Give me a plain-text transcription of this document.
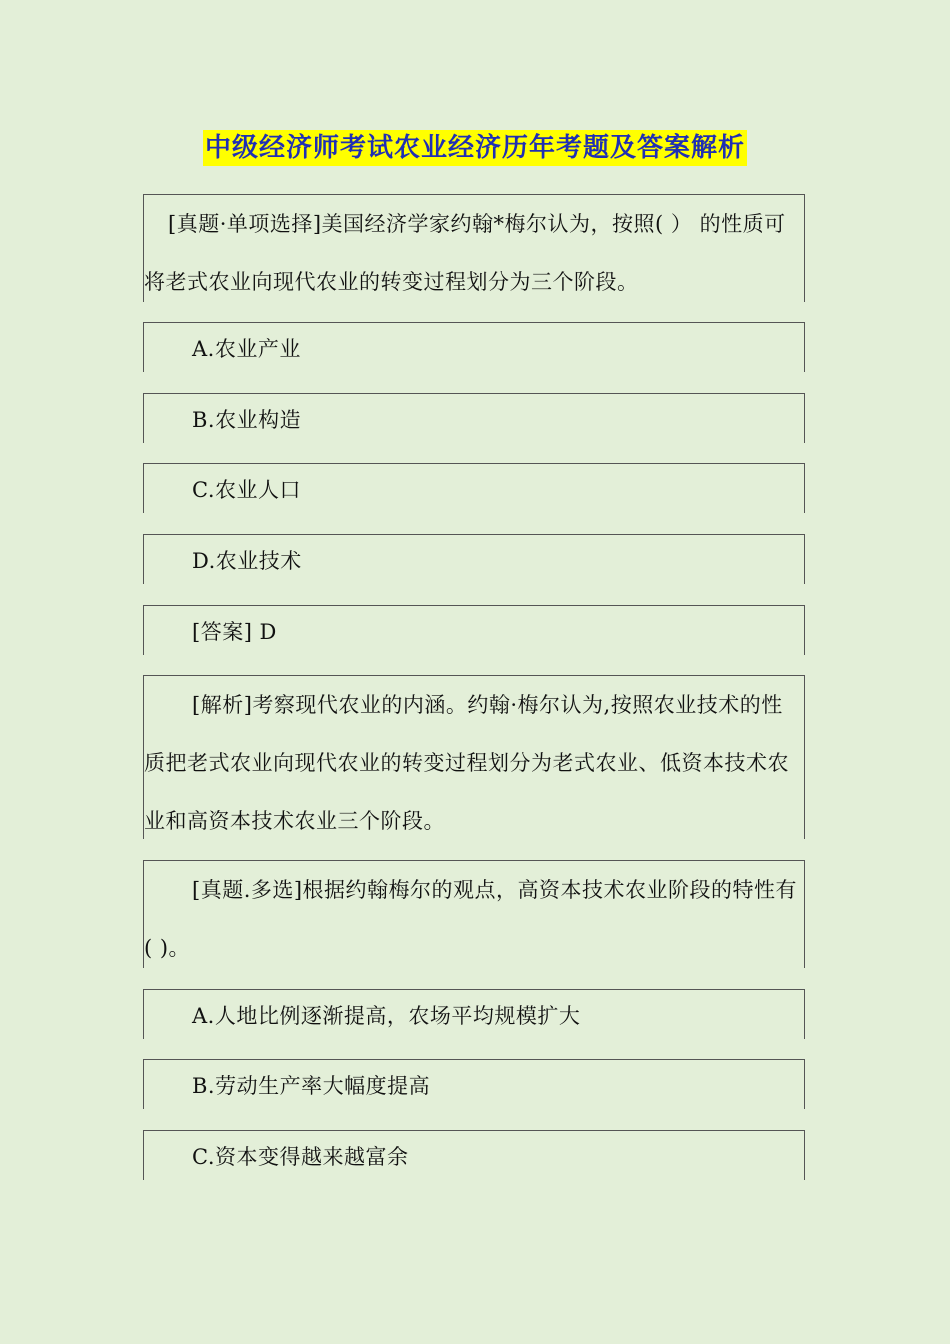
中级经济师考试农业经济历年考题及答案解析

[真题·单项选择]美国经济学家约翰*梅尔认为，按照( ） 的性质可将老式农业向现代农业的转变过程划分为三个阶段。

A.农业产业

B.农业构造

C.农业人口

D.农业技术

[答案] D

[解析]考察现代农业的内涵。约翰·梅尔认为,按照农业技术的性质把老式农业向现代农业的转变过程划分为老式农业、低资本技术农业和高资本技术农业三个阶段。

[真题.多选]根据约翰梅尔的观点，高资本技术农业阶段的特性有( )。

A.人地比例逐渐提高，农场平均规模扩大

B.劳动生产率大幅度提高

C.资本变得越来越富余
